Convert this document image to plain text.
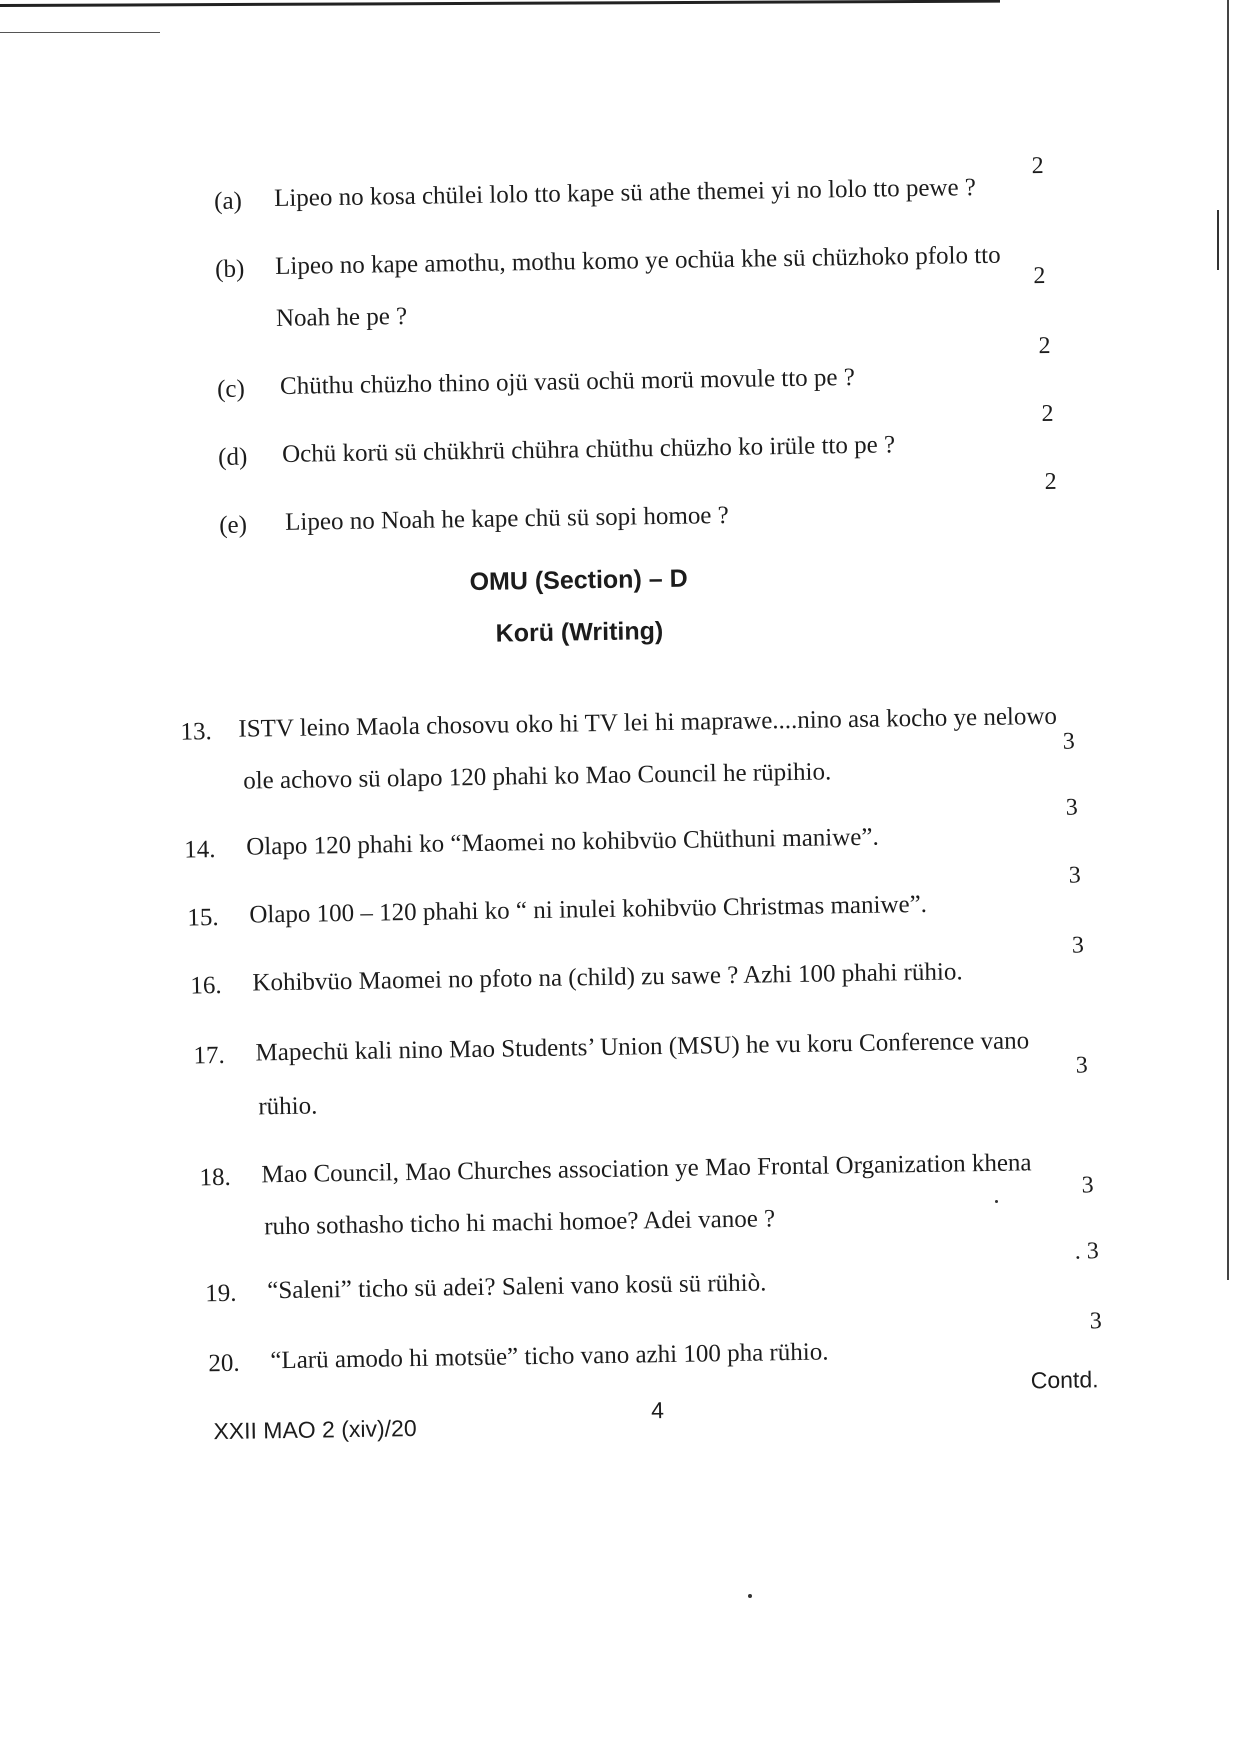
(a) Lipeo no kosa chülei lolo tto kape sü athe themei yi no lolo tto pewe ?
2
(b) Lipeo no kape amothu, mothu komo ye ochüa khe sü chüzhoko pfolo tto
Noah he pe ?
2
(c) Chüthu chüzho thino ojü vasü ochü morü movule tto pe ?
2
(d) Ochü korü sü chükhrü chühra chüthu chüzho ko irüle tto pe ?
2
(e) Lipeo no Noah he kape chü sü sopi homoe ?
2
OMU (Section) – D
Korü (Writing)
13. ISTV leino Maola chosovu oko hi TV lei hi maprawe....nino asa kocho ye nelowo
ole achovo sü olapo 120 phahi ko Mao Council he rüpihio.
3
14. Olapo 120 phahi ko “Maomei no kohibvüo Chüthuni maniwe”.
3
15. Olapo 100 – 120 phahi ko “ ni inulei kohibvüo Christmas maniwe”.
3
16. Kohibvüo Maomei no pfoto na (child) zu sawe ? Azhi 100 phahi rühio.
3
17. Mapechü kali nino Mao Students’ Union (MSU) he vu koru Conference vano
rühio.
3
18. Mao Council, Mao Churches association ye Mao Frontal Organization khena
ruho sothasho ticho hi machi homoe? Adei vanoe ?
3
19. “Saleni” ticho sü adei? Saleni vano kosü sü rühiò.
. 3
20. “Larü amodo hi motsüe” ticho vano azhi 100 pha rühio.
3
Contd.
XXII MAO 2 (xiv)/20
4
